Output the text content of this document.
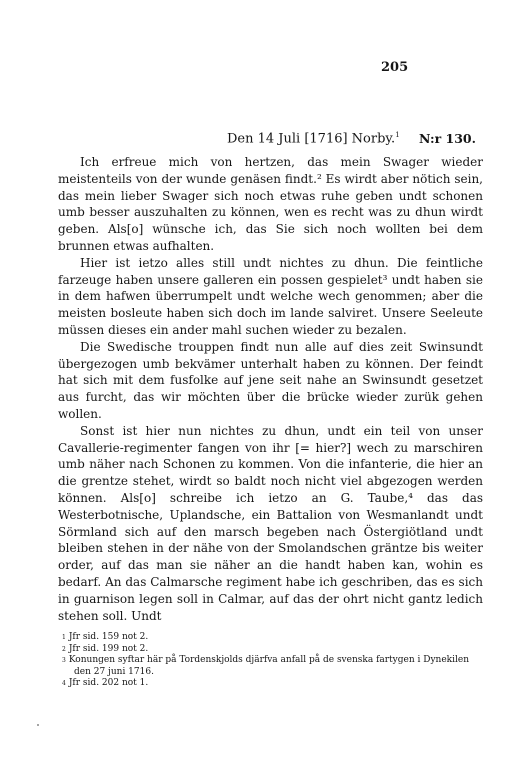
205
Den 14 Juli [1716] Norby.$^1$ N:r 130.

Ich erfreue mich von hertzen, das mein Swager wieder meistenteils von der wunde genäsen findt.² Es wirdt aber nötich sein, das mein lieber Swager sich noch etwas ruhe geben undt schonen umb besser auszuhalten zu können, wen es recht was zu dhun wirdt geben. Als[o] wünsche ich, das Sie sich noch wollten bei dem brunnen etwas aufhalten.

Hier ist ietzo alles still undt nichtes zu dhun. Die feintliche farzeuge haben unsere galleren ein possen gespielet³ undt haben sie in dem hafwen überrumpelt undt welche wech genommen; aber die meisten bosleute haben sich doch im lande salviret. Unsere Seeleute müssen dieses ein ander mahl suchen wieder zu bezalen.

Die Swedische trouppen findt nun alle auf dies zeit Swinsundt übergezogen umb bekvämer unterhalt haben zu können. Der feindt hat sich mit dem fusfolke auf jene seit nahe an Swinsundt gesetzet aus furcht, das wir möchten über die brücke wieder zurük gehen wollen.

Sonst ist hier nun nichtes zu dhun, undt ein teil von unser Cavallerie-regimenter fangen von ihr [= hier?] wech zu marschiren umb näher nach Schonen zu kommen. Von die infanterie, die hier an die grentze stehet, wirdt so baldt noch nicht viel abgezogen werden können. Als[o] schreibe ich ietzo an G. Taube,⁴ das das Westerbotnische, Uplandsche, ein Battalion von Wesmanlandt undt Sörmland sich auf den marsch begeben nach Östergiötland undt bleiben stehen in der nähe von der Smolandschen gräntze bis weiter order, auf das man sie näher an die handt haben kan, wohin es bedarf. An das Calmarsche regiment habe ich geschriben, das es sich in guarnison legen soll in Calmar, auf das der ohrt nicht gantz ledich stehen soll. Undt

$^1$ Jfr sid. 159 not 2.

$^2$ Jfr sid. 199 not 2.

$^3$ Konungen syftar här på Tordenskjolds djärfva anfall på de svenska fartygen i Dynekilen den 27 juni 1716.

$^4$ Jfr sid. 202 not 1.
